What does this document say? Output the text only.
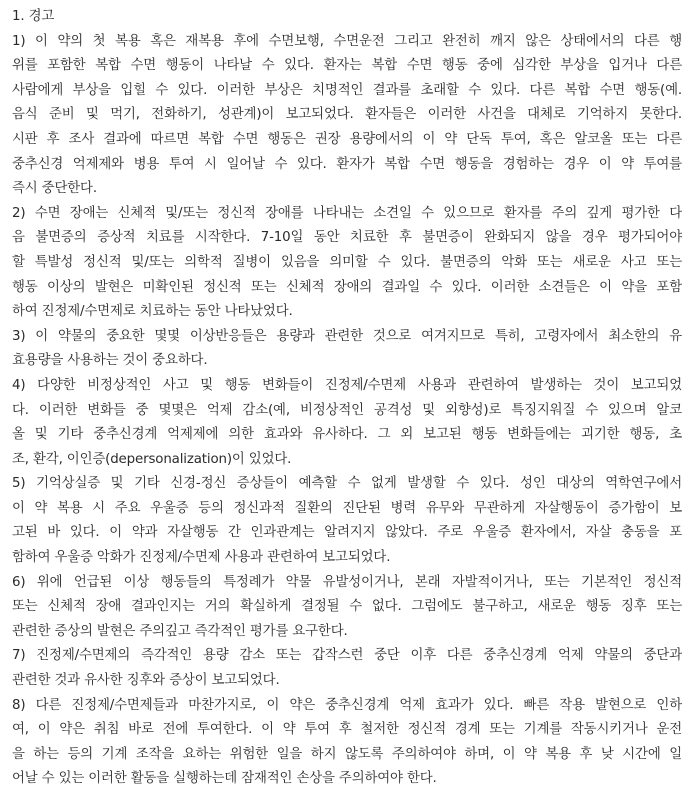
1. 경고
1) 이 약의 첫 복용 혹은 재복용 후에 수면보행, 수면운전 그리고 완전히 깨지 않은 상태에서의 다른 행
위를 포함한 복합 수면 행동이 나타날 수 있다. 환자는 복합 수면 행동 중에 심각한 부상을 입거나 다른
사람에게 부상을 입힐 수 있다. 이러한 부상은 치명적인 결과를 초래할 수 있다. 다른 복합 수면 행동(예.
음식 준비 및 먹기, 전화하기, 성관계)이 보고되었다. 환자들은 이러한 사건을 대체로 기억하지 못한다.
시판 후 조사 결과에 따르면 복합 수면 행동은 권장 용량에서의 이 약 단독 투여, 혹은 알코올 또는 다른
중추신경 억제제와 병용 투여 시 일어날 수 있다. 환자가 복합 수면 행동을 경험하는 경우 이 약 투여를
즉시 중단한다.
2) 수면 장애는 신체적 및/또는 정신적 장애를 나타내는 소견일 수 있으므로 환자를 주의 깊게 평가한 다
음 불면증의 증상적 치료를 시작한다. 7-10일 동안 치료한 후 불면증이 완화되지 않을 경우 평가되어야
할 특발성 정신적 및/또는 의학적 질병이 있음을 의미할 수 있다. 불면증의 악화 또는 새로운 사고 또는
행동 이상의 발현은 미확인된 정신적 또는 신체적 장애의 결과일 수 있다. 이러한 소견들은 이 약을 포함
하여 진정제/수면제로 치료하는 동안 나타났었다.
3) 이 약물의 중요한 몇몇 이상반응들은 용량과 관련한 것으로 여겨지므로 특히, 고령자에서 최소한의 유
효용량을 사용하는 것이 중요하다.
4) 다양한 비정상적인 사고 및 행동 변화들이 진정제/수면제 사용과 관련하여 발생하는 것이 보고되었
다. 이러한 변화들 중 몇몇은 억제 감소(예, 비정상적인 공격성 및 외향성)로 특징지워질 수 있으며 알코
올 및 기타 중추신경계 억제제에 의한 효과와 유사하다. 그 외 보고된 행동 변화들에는 괴기한 행동, 초
조, 환각, 이인증(depersonalization)이 있었다.
5) 기억상실증 및 기타 신경-정신 증상들이 예측할 수 없게 발생할 수 있다. 성인 대상의 역학연구에서
이 약 복용 시 주요 우울증 등의 정신과적 질환의 진단된 병력 유무와 무관하게 자살행동이 증가함이 보
고된 바 있다. 이 약과 자살행동 간 인과관계는 알려지지 않았다. 주로 우울증 환자에서, 자살 충동을 포
함하여 우울증 악화가 진정제/수면제 사용과 관련하여 보고되었다.
6) 위에 언급된 이상 행동들의 특정례가 약물 유발성이거나, 본래 자발적이거나, 또는 기본적인 정신적
또는 신체적 장애 결과인지는 거의 확실하게 결정될 수 없다. 그럼에도 불구하고, 새로운 행동 징후 또는
관련한 증상의 발현은 주의깊고 즉각적인 평가를 요구한다.
7) 진정제/수면제의 즉각적인 용량 감소 또는 갑작스런 중단 이후 다른 중추신경계 억제 약물의 중단과
관련한 것과 유사한 징후와 증상이 보고되었다.
8) 다른 진정제/수면제들과 마찬가지로, 이 약은 중추신경계 억제 효과가 있다. 빠른 작용 발현으로 인하
여, 이 약은 취침 바로 전에 투여한다. 이 약 투여 후 철저한 정신적 경계 또는 기계를 작동시키거나 운전
을 하는 등의 기계 조작을 요하는 위험한 일을 하지 않도록 주의하여야 하며, 이 약 복용 후 낮 시간에 일
어날 수 있는 이러한 활동을 실행하는데 잠재적인 손상을 주의하여야 한다.
